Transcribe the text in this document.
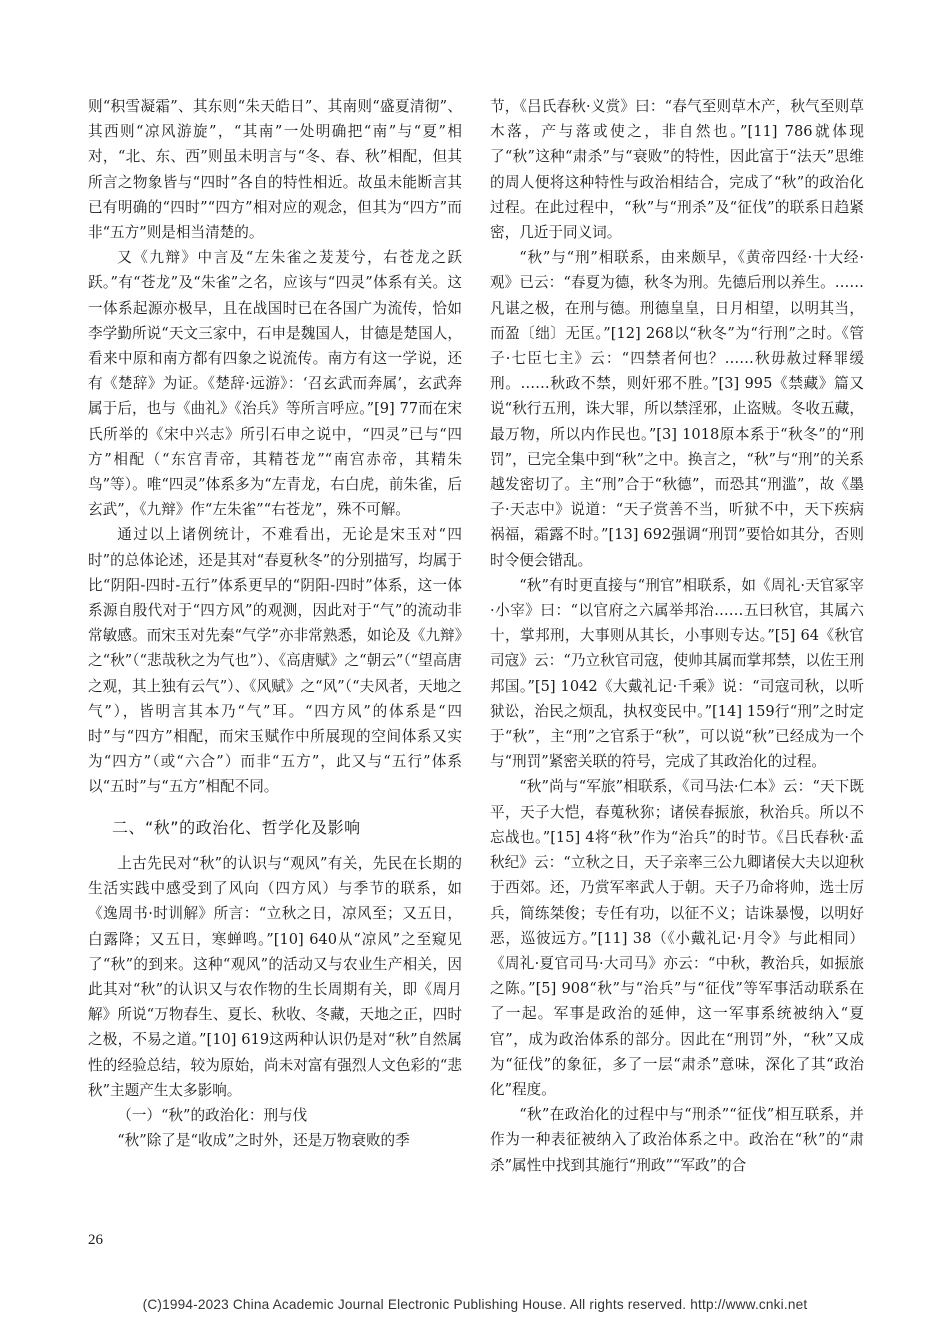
则“积雪凝霜”、其东则“朱天皓日”、其南则“盛夏清彻”、其西则“凉风游旋”，“其南”一处明确把“南”与“夏”相对，“北、东、西”则虽未明言与“冬、春、秋”相配，但其所言之物象皆与“四时”各自的特性相近。故虽未能断言其已有明确的“四时”“四方”相对应的观念，但其为“四方”而非“五方”则是相当清楚的。

又《九辩》中言及“左朱雀之茇茇兮，右苍龙之跃跃。”有“苍龙”及“朱雀”之名，应该与“四灵”体系有关。这一体系起源亦极早，且在战国时已在各国广为流传，恰如李学勤所说“天文三家中，石申是魏国人，甘德是楚国人，看来中原和南方都有四象之说流传。南方有这一学说，还有《楚辞》为证。《楚辞·远游》：‘召玄武而奔属’，玄武奔属于后，也与《曲礼》《治兵》等所言呼应。”[9] 77而在宋氏所举的《宋中兴志》所引石申之说中，“四灵”已与“四方”相配（“东宫青帝，其精苍龙”“南宫赤帝，其精朱鸟”等）。唯“四灵”体系多为“左青龙，右白虎，前朱雀，后玄武”，《九辩》作“左朱雀”“右苍龙”，殊不可解。

通过以上诸例统计，不难看出，无论是宋玉对“四时”的总体论述，还是其对“春夏秋冬”的分别描写，均属于比“阴阳-四时-五行”体系更早的“阴阳-四时”体系，这一体系源自殷代对于“四方风”的观测，因此对于“气”的流动非常敏感。而宋玉对先秦“气学”亦非常熟悉，如论及《九辩》之“秋”（“悲哉秋之为气也”）、《高唐赋》之“朝云”（“望高唐之观，其上独有云气”）、《风赋》之“风”（“夫风者，天地之气”），皆明言其本乃“气”耳。“四方风”的体系是“四时”与“四方”相配，而宋玉赋作中所展现的空间体系又实为“四方”（或“六合”）而非“五方”，此又与“五行”体系以“五时”与“五方”相配不同。

二、“秋”的政治化、哲学化及影响

上古先民对“秋”的认识与“观风”有关，先民在长期的生活实践中感受到了风向（四方风）与季节的联系，如《逸周书·时训解》所言：“立秋之日，凉风至；又五日，白露降；又五日，寒蝉鸣。”[10] 640从“凉风”之至窥见了“秋”的到来。这种“观风”的活动又与农业生产相关，因此其对“秋”的认识又与农作物的生长周期有关，即《周月解》所说“万物春生、夏长、秋收、冬藏，天地之正，四时之极，不易之道。”[10] 619这两种认识仍是对“秋”自然属性的经验总结，较为原始，尚未对富有强烈人文色彩的“悲秋”主题产生太多影响。

（一）“秋”的政治化：刑与伐

“秋”除了是“收成”之时外，还是万物衰败的季

节，《吕氏春秋·义赏》曰：“春气至则草木产，秋气至则草木落，产与落或使之，非自然也。”[11] 786就体现了“秋”这种“肃杀”与“衰败”的特性，因此富于“法天”思维的周人便将这种特性与政治相结合，完成了“秋”的政治化过程。在此过程中，“秋”与“刑杀”及“征伐”的联系日趋紧密，几近于同义词。

“秋”与“刑”相联系，由来颇早，《黄帝四经·十大经·观》已云：“春夏为德，秋冬为刑。先德后刑以养生。……凡谌之极，在刑与德。刑德皇皇，日月相望，以明其当，而盈〔绌〕无匡。”[12] 268以“秋冬”为“行刑”之时。《管子·七臣七主》云：“四禁者何也？……秋毋赦过释罪缓刑。……秋政不禁，则奸邪不胜。”[3] 995《禁藏》篇又说“秋行五刑，诛大罪，所以禁淫邪，止盗贼。冬收五藏，最万物，所以内作民也。”[3] 1018原本系于“秋冬”的“刑罚”，已完全集中到“秋”之中。换言之，“秋”与“刑”的关系越发密切了。主“刑”合于“秋德”，而恐其“刑滥”，故《墨子·天志中》说道：“天子赏善不当，听狱不中，天下疾病祸福，霜露不时。”[13] 692强调“刑罚”要恰如其分，否则时令便会错乱。

“秋”有时更直接与“刑官”相联系，如《周礼·天官冢宰·小宰》曰：“以官府之六属举邦治……五曰秋官，其属六十，掌邦刑，大事则从其长，小事则专达。”[5] 64《秋官司寇》云：“乃立秋官司寇，使帅其属而掌邦禁，以佐王刑邦国。”[5] 1042《大戴礼记·千乘》说：“司寇司秋，以听狱讼，治民之烦乱，执权变民中。”[14] 159行“刑”之时定于“秋”，主“刑”之官系于“秋”，可以说“秋”已经成为一个与“刑罚”紧密关联的符号，完成了其政治化的过程。

“秋”尚与“军旅”相联系，《司马法·仁本》云：“天下既平，天子大恺，春蒐秋狝；诸侯春振旅，秋治兵。所以不忘战也。”[15] 4将“秋”作为“治兵”的时节。《吕氏春秋·孟秋纪》云：“立秋之日，天子亲率三公九卿诸侯大夫以迎秋于西郊。还，乃赏军率武人于朝。天子乃命将帅，选士厉兵，简练桀俊；专任有功，以征不义；诘诛暴慢，以明好恶，巡彼远方。”[11] 38（《小戴礼记·月令》与此相同）《周礼·夏官司马·大司马》亦云：“中秋，教治兵，如振旅之陈。”[5] 908“秋”与“治兵”与“征伐”等军事活动联系在了一起。军事是政治的延伸，这一军事系统被纳入“夏官”，成为政治体系的部分。因此在“刑罚”外，“秋”又成为“征伐”的象征，多了一层“肃杀”意味，深化了其“政治化”程度。

“秋”在政治化的过程中与“刑杀”“征伐”相互联系，并作为一种表征被纳入了政治体系之中。政治在“秋”的“肃杀”属性中找到其施行“刑政”“军政”的合

26
(C)1994-2023 China Academic Journal Electronic Publishing House. All rights reserved. http://www.cnki.net
